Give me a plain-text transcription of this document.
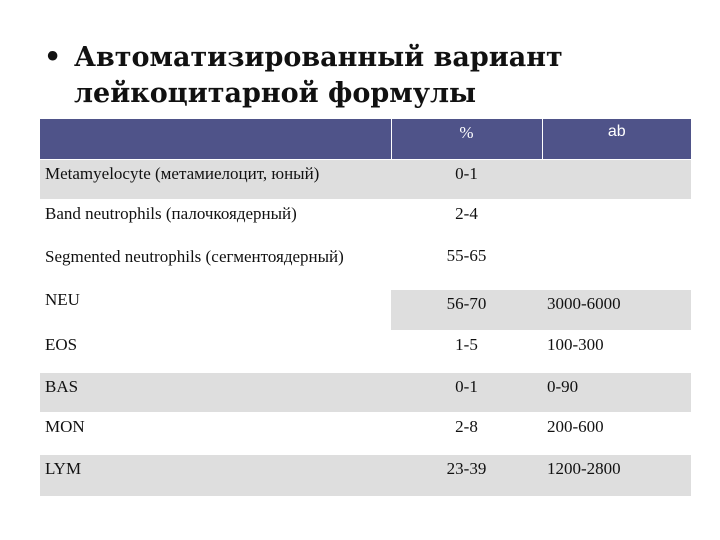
• Автоматизированный вариант
лейкоцитарной формулы
	%	ab
Metamyelocyte (метамиелоцит, юный)	0-1	
Band neutrophils (палочкоядерный)	2-4	
Segmented neutrophils (сегментоядерный)	55-65	
NEU	56-70	3000-6000
EOS	1-5	100-300
BAS	0-1	0-90
MON	2-8	200-600
LYM	23-39	1200-2800
